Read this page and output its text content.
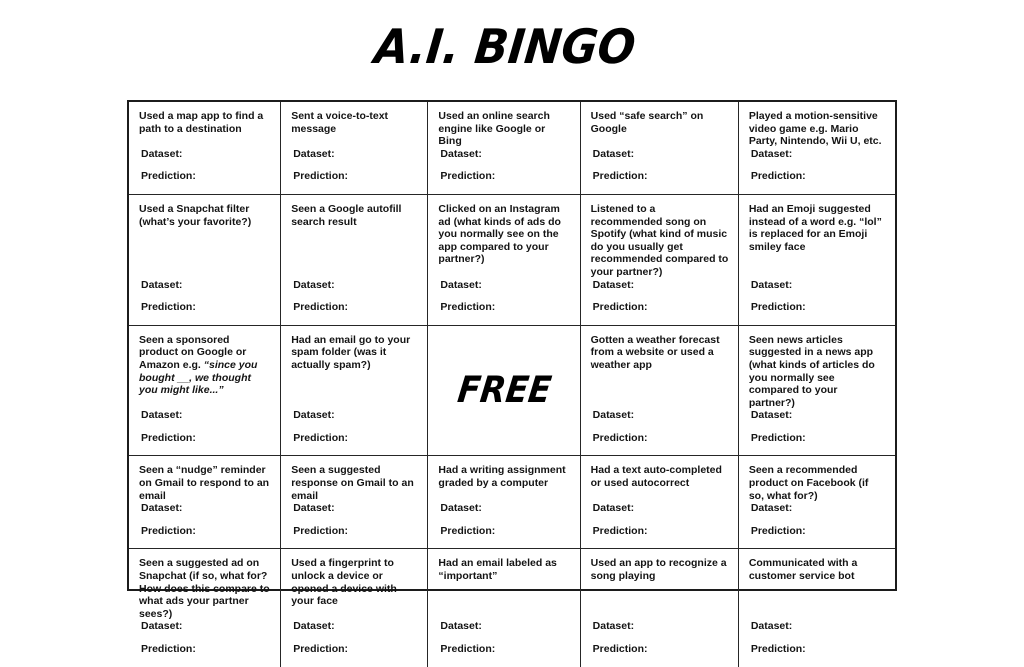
A.I. BINGO
Used a map app to find a path to a destination
Dataset:
Prediction:
Sent a voice-to-text message
Dataset:
Prediction:
Used an online search engine like Google or Bing
Dataset:
Prediction:
Used “safe search” on Google
Dataset:
Prediction:
Played a motion-sensitive video game e.g. Mario Party, Nintendo, Wii U, etc.
Dataset:
Prediction:
Used a Snapchat filter (what’s your favorite?)
Dataset:
Prediction:
Seen a Google autofill search result
Dataset:
Prediction:
Clicked on an Instagram ad (what kinds of ads do you normally see on the app compared to your partner?)
Dataset:
Prediction:
Listened to a recommended song on Spotify (what kind of music do you usually get recommended compared to your partner?)
Dataset:
Prediction:
Had an Emoji suggested instead of a word e.g. “lol” is replaced for an Emoji smiley face
Dataset:
Prediction:
Seen a sponsored product on Google or Amazon e.g. “since you bought __, we thought you might like...”
Dataset:
Prediction:
Had an email go to your spam folder (was it actually spam?)
Dataset:
Prediction:
FREE
Gotten a weather forecast from a website or used a weather app
Dataset:
Prediction:
Seen news articles suggested in a news app (what kinds of articles do you normally see compared to your partner?)
Dataset:
Prediction:
Seen a “nudge” reminder on Gmail to respond to an email
Dataset:
Prediction:
Seen a suggested response on Gmail to an email
Dataset:
Prediction:
Had a writing assignment graded by a computer
Dataset:
Prediction:
Had a text auto-completed or used autocorrect
Dataset:
Prediction:
Seen a recommended product on Facebook (if so, what for?)
Dataset:
Prediction:
Seen a suggested ad on Snapchat (if so, what for? How does this compare to what ads your partner sees?)
Dataset:
Prediction:
Used a fingerprint to unlock a device or opened a device with your face
Dataset:
Prediction:
Had an email labeled as “important”
Dataset:
Prediction:
Used an app to recognize a song playing
Dataset:
Prediction:
Communicated with a customer service bot
Dataset:
Prediction:
